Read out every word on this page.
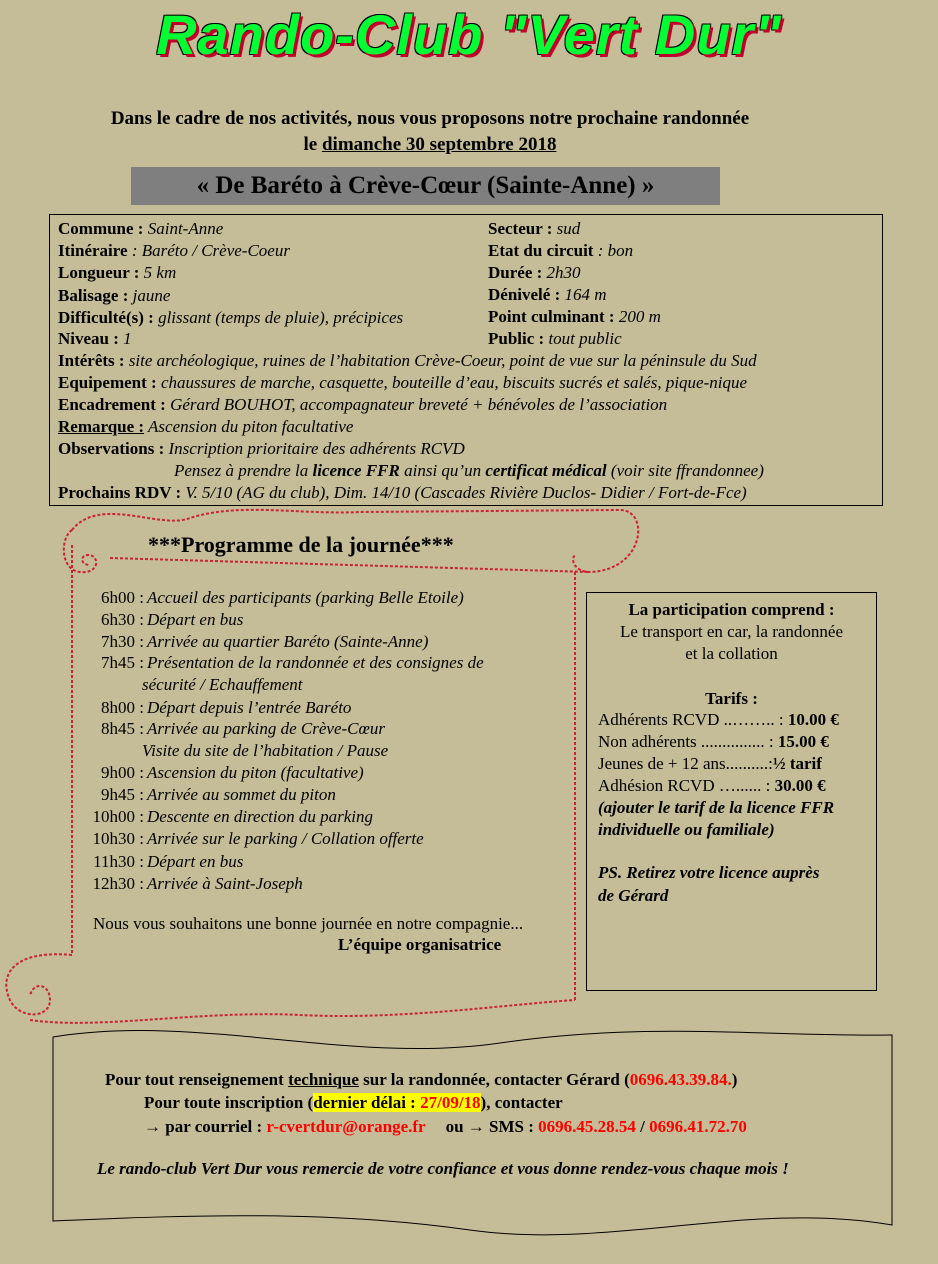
Rando-Club "Vert Dur"
Dans le cadre de nos activités, nous vous proposons notre prochaine randonnée
le dimanche 30 septembre 2018
« De Baréto à Crève-Cœur (Sainte-Anne) »
Commune : Saint-Anne
Itinéraire : Baréto / Crève-Coeur
Longueur : 5 km
Balisage : jaune
Difficulté(s) : glissant (temps de pluie), précipices
Niveau : 1
Secteur : sud
Etat du circuit : bon
Durée : 2h30
Dénivelé : 164 m
Point culminant : 200 m
Public : tout public
Intérêts : site archéologique, ruines de l’habitation Crève-Coeur, point de vue sur la péninsule du Sud
Equipement : chaussures de marche, casquette, bouteille d’eau, biscuits sucrés et salés, pique-nique
Encadrement : Gérard BOUHOT, accompagnateur breveté + bénévoles de l’association
Remarque : Ascension du piton facultative
Observations : Inscription prioritaire des adhérents RCVD
Pensez à prendre la licence FFR ainsi qu’un certificat médical (voir site ffrandonnee)
Prochains RDV : V. 5/10 (AG du club), Dim. 14/10 (Cascades Rivière Duclos- Didier / Fort-de-Fce)
***Programme de la journée***
6h00 : Accueil des participants (parking Belle Etoile)
6h30 : Départ en bus
7h30 : Arrivée au quartier Baréto (Sainte-Anne)
7h45 : Présentation de la randonnée et des consignes de
sécurité / Echauffement
8h00 : Départ depuis l’entrée Baréto
8h45 : Arrivée au parking de Crève-Cœur
Visite du site de l’habitation / Pause
9h00 : Ascension du piton (facultative)
9h45 : Arrivée au sommet du piton
10h00 : Descente en direction du parking
10h30 : Arrivée sur le parking / Collation offerte
11h30 : Départ en bus
12h30 : Arrivée à Saint-Joseph
Nous vous souhaitons une bonne journée en notre compagnie...
L’équipe organisatrice
La participation comprend :
Le transport en car, la randonnée
et la collation
Tarifs :
Adhérents RCVD ..…….. : 10.00 €
Non adhérents ............... : 15.00 €
Jeunes de + 12 ans..........:½ tarif
Adhésion RCVD …...... : 30.00 €
(ajouter le tarif de la licence FFR
individuelle ou familiale)
PS. Retirez votre licence auprès
de Gérard
Pour tout renseignement technique sur la randonnée, contacter Gérard (0696.43.39.84.)
Pour toute inscription (dernier délai : 27/09/18), contacter
→ par courriel : r-cvertdur@orange.fr ou → SMS : 0696.45.28.54 / 0696.41.72.70
Le rando-club Vert Dur vous remercie de votre confiance et vous donne rendez-vous chaque mois !
